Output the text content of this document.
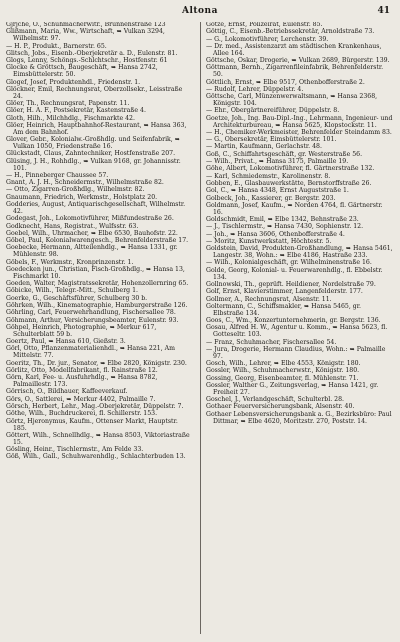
Altona	41

Gjrjche, O., Schuhmacherwitr., Brunnenstraße 123

Glißmann, Maria, Ww., Wirtschaft, ➥ Vulkan 3294, Wilhelmstr. 97.

— H. P., Produkt., Barnerstr. 65.

Glitsch, Jobs., Eisenb.-Oberjekretär a. D., Eulenstr. 81.

Glogs, Lenny, Schöngs.-Schlchtschr., Hostfenstr. 61

Glocke & Gröttsch, Baugeschäft, ➥ Hansa 2742, Eimsbüttelerstr. 50.

Glogef, Josef, Produktenhdl., Friedenstr. 1.

Glöckner, Emil, Rechnungsrat, Oberzollsekr., Leisstraße 24.

Glöer, Th., Rechnungsrat, Papenstr. 11.

Glöer, H. A. F., Postsekretär, Kastenstraße 4.

Gloth, Hilh., Milchhdlg., Fischmarkte 42.

Glöer, Heinrich, Hauptbahnhof-Restaurant, ➥ Hansa 363, Am dem Bahnhof.

Glover, Gebr., Kolonialw.-Großhdlg. und Seifenfabrik, ➥ Vulkan 1050, Friedenstraße 16.

Glückstadt, Claus, Zahntechniker, Hostfenstraße 207.

Glüsing, J. H., Rohhdlg., ➥ Vulkan 9168, gr. Johannisstr. 101.

— H., Pinneberger Chaussee 57.

Gnant, A. J. H., Schneidermstr., Wilhelmstraße 82.

— Otto, Zigarren-Großhdlg., Wilhelmstr. 82.

Gnaumann, Friedrich, Werkmstr., Holstplatz 20.

Godderies, August, Antiquarischgesellschaft, Wilhelmstr. 42.

Godegast, Joh., Lokomotivführer, Mißfundestraße 26.

Godknecht, Hans, Registrat., Wulfsstr. 63.

Goebel, Wilh., Uhrmacher, ➥ Elbe 6530, Bauhofstr. 22.

Göbel, Paul, Kolonialwarengesch., Behrenfelderstraße 17.

Goebecke, Hermann, Altteilenhdlg., ➥ Hansa 1331, gr. Mühlenstr. 98.

Göbels, F., Werkmstr., Kronprinzenstr. 1.

Goedecken jun., Christian, Fisch-Großhdlg., ➥ Hansa 13, Fischmarkt 10.

Goeden, Walter, Magistratssekretär, Hohenzollernring 65.

Göbicke, Wilh., Telegr.-Mitt., Schulberg 1.

Goerke, G., Geschäftsführer, Schulberg 30 b.

Göhrken, Wilh., Kinematographie, Hamburgerstraße 126.

Göhrling, Carl, Feuerwehrhandlung, Fischersallee 78.

Göhmann, Arthur, Versicherungsbeamter, Eulenstr. 93.

Göhpel, Heinrich, Photographie, ➥ Merkur 617, Schulterblatt 59 b.

Goertz, Paul, ➥ Hansa 610, Gießstr. 3.

Görl, Otto, Pflanzenmaterialienhdl., ➥ Hansa 221, Am Mittelstr. 77.

Goeritz, Th., Dr. jur., Senator, ➥ Elbe 2820, Königstr. 230.

Görlitz, Otto, Modellfabrikant, fl. Rainstraße 12.

Görn, Karl, Fee- u. Ausfuhrhdlg., ➥ Hansa 8782, Palmaillestr. 173.

Görrisch, O., Bildhauer, Kaffeeverkauf.

Görs, O., Sattlerei, ➥ Merkur 4402, Palmaille 7.

Görsch, Herbert, Lehr., Mag.-Oberjekretär, Düppelstr. 7.

Göthe, Wilh., Buchdruckerei, fl. Schillerstr. 153.

Görtz, Hjeronymus, Kaufm., Ottenser Markt, Hauptstr. 185.

Göttert, Wilh., Schnellhdlg., ➥ Hansa 8503, Viktoriastraße 15.

Gösling, Heinr., Tischlermstr., Am Felde 33.

Göß, Wilh., Gall., Schuhwarenhdlg., Schlachterbuden 13.

Götze, Ernst, Polizeirat, Eulenstr. 85.

Göttig, C., Eisenb.-Betriebssekretär, Arnoldstraße 73.

— G., Lokomotivführer, Lerchenstr. 39.

— Dr. med., Assistenzarzt am städtischen Krankenhaus, Allee 164.

Göttsche, Oskar, Drogerie, ➥ Vulkan 2689, Bürgerstr. 139.

Göttmann, Bernh., Zigarrenfileinfabrik, Behrenfelderstr. 50.

Göttlich, Ernst, ➥ Elbe 9517, Othenbofferstraße 2.

— Rudolf, Lehrer, Düppelstr. 4.

Göttsche, Carl, Münzenwerwaltsmann, ➥ Hansa 2368, Königstr. 104.

— Ehr., Obergärtnereiführer, Düppelstr. 8.

Goetze, Joh., Ing. Bau-Dipl.-Ing., Lehrmann, Ingenieur- und Architekturbureau, ➥ Hansa 5625, Klopstockstr. 11.

— H., Chemiker-Werkmeister, Behrenfelder Steindamm 83.

— G., Obersekretär, Eimsbüttelerstr. 101.

— Martin, Kaufmann, Gerlachstr. 48.

Goß, C., Schiffahrtsgeschäft, gr. Westerstraße 56.

— Wilh., Privat., ➥ Hansa 3175, Palmaille 19.

Göhe, Albert, Lokomotivführer, fl. Gärtnerstraße 132.

— Karl, Schmiedemstr., Karolinenstr. 8.

Gobben, E., Glasbauwerkstätte, Bernstorffstraße 26.

Gol, C., ➥ Hansa 4348, Ernst Auguststraße 1.

Golbeck, Joh., Kassierer, gr. Bergstr. 203.

Goldmann, Josef, Kaufm., ➥ Norden 4764, fl. Gärtnerstr. 16.

Goldschmidt, Emil, ➥ Elbe 1342, Behnstraße 23.

— J., Tischlermstr., ➥ Hansa 7430, Sophienstr. 12.

— Joh., ➥ Hansa 3606, Othenbofferstraße 4.

— Moritz, Kunstwerkstatt, Höchtestr. 5.

Goldstein, David, Produkten-Großhandlung, ➥ Hansa 5461, Langestr. 38, Wohn.: ➥ Elbe 4186, Hastraße 233.

— Wilh., Kolonialgeschäft, gr. Wilhelminenstraße 16.

Golde, Georg, Kolonial- u. Feuerwarenhdlg., fl. Ebbelstr. 134.

Gollnowski, Th., geprüft. Heildiener, Nordelstraße 79.

Golf, Ernst, Klavierstimmer, Langenfelderstr. 177.

Gollmer, A., Rechnungsrat, Alsenstr. 11.

Goltermann, C., Schiffsmakler, ➥ Hansa 5465, gr. Elbstraße 134.

Goos, C., Wm., Konzertunternehmerin, gr. Bergstr. 136.

Gosau, Alfred H. W., Agentur u. Komm., ➥ Hansa 5623, fl. Gotteseltr. 103.

— Franz, Schuhmacher, Fischersallee 54.

— Jura, Drogerie, Hermann Claudius, Wohn.: ➥ Palmaille 97.

Gosch, Wilh., Lehrer, ➥ Elbe 4553, Königstr. 180.

Gossler, Wilh., Schuhmacherwstr., Königstr. 180.

Gossing, Georg, Eisenbeamter, fl. Mühlenstr. 71.

Gossler, Walther G., Zeitungsverlag, ➥ Hansa 1421, gr. Freiheit 27.

Goschel, J., Verlandgeschäft, Schulterbl. 28.

Gothaer Feuerversicherungsbank, Alsenstr. 40.

Gothaer Lebensversicherungsbank a. G., Bezirksbüro: Paul Dittmar, ➥ Elbe 4620, Moritzstr. 270, Poststr. 14.
